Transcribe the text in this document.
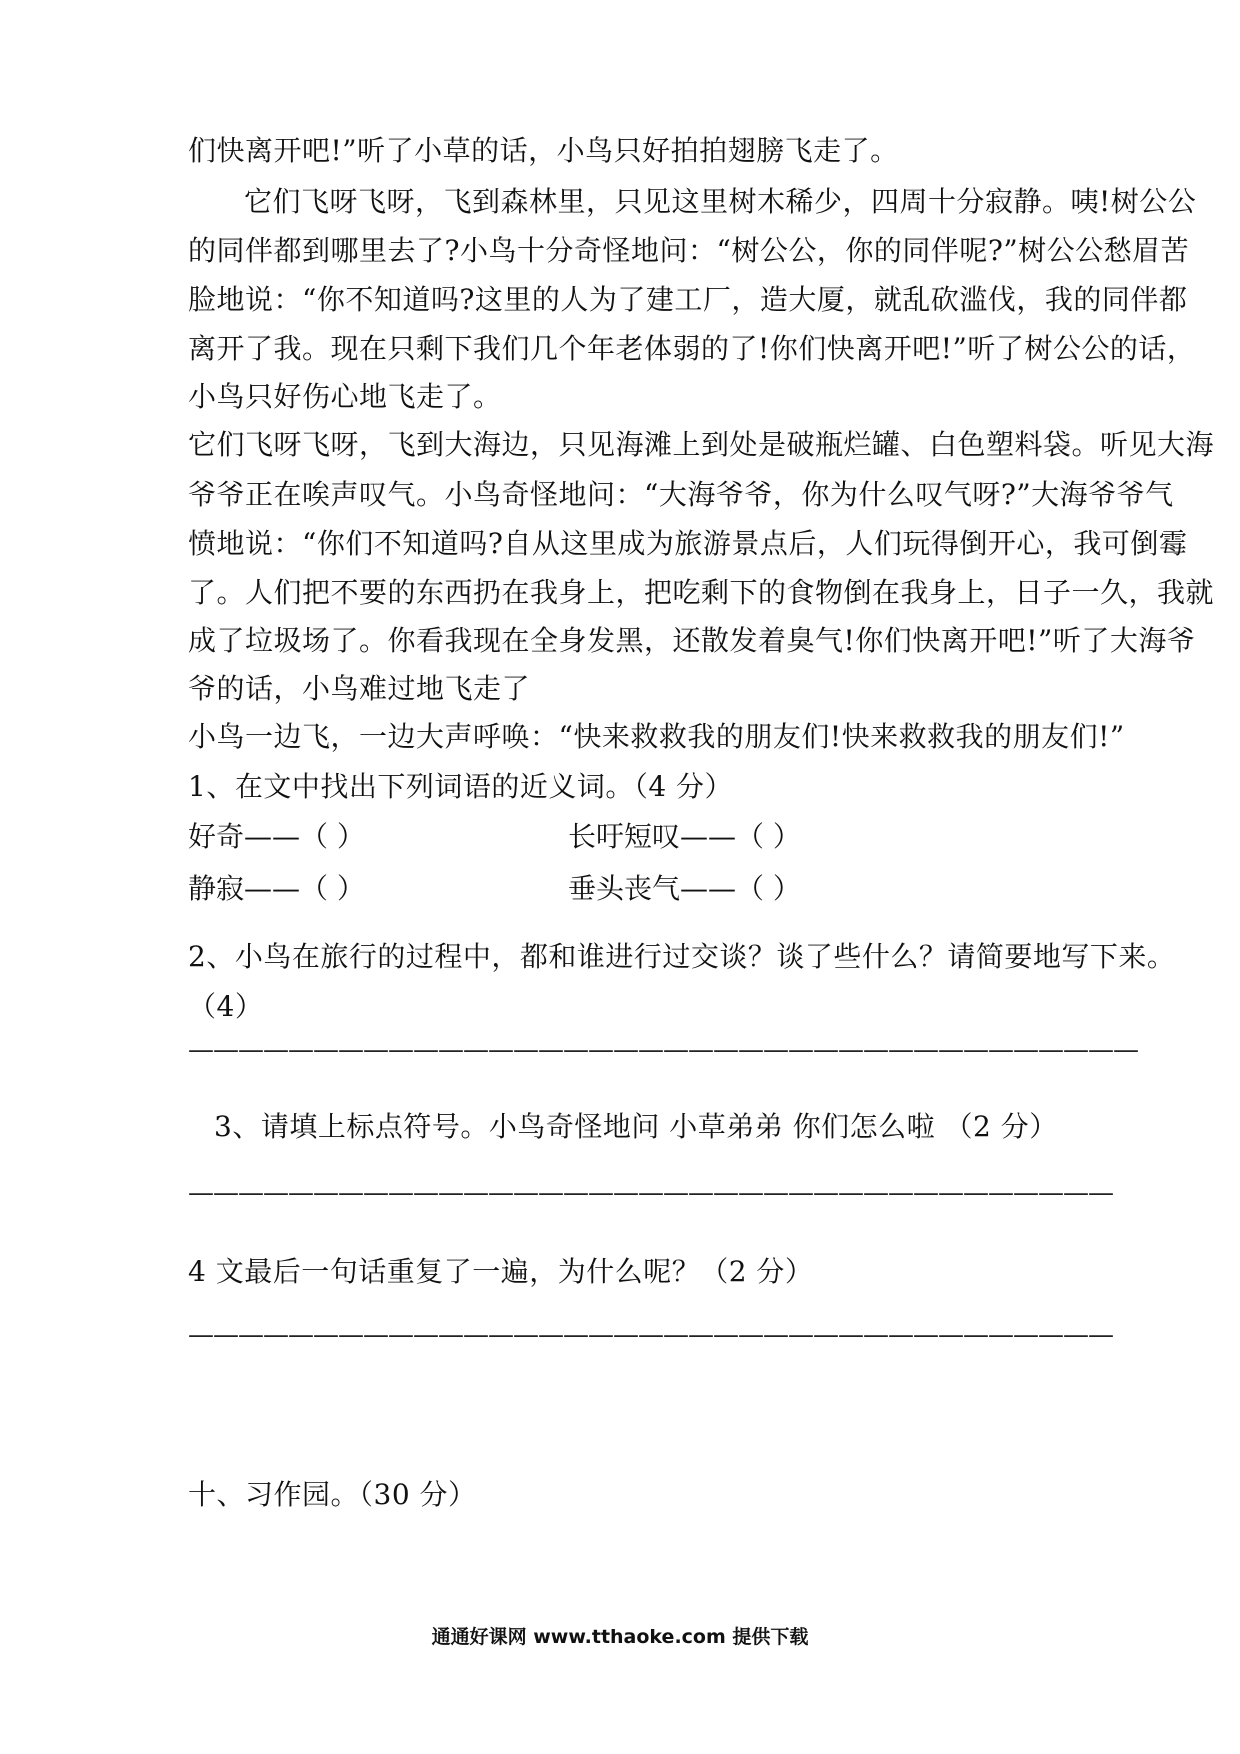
们快离开吧!”听了小草的话，小鸟只好拍拍翅膀飞走了。
它们飞呀飞呀，飞到森林里，只见这里树木稀少，四周十分寂静。咦!树公公
的同伴都到哪里去了?小鸟十分奇怪地问：“树公公，你的同伴呢?”树公公愁眉苦
脸地说：“你不知道吗?这里的人为了建工厂，造大厦，就乱砍滥伐，我的同伴都
离开了我。现在只剩下我们几个年老体弱的了!你们快离开吧!”听了树公公的话，
小鸟只好伤心地飞走了。
它们飞呀飞呀，飞到大海边，只见海滩上到处是破瓶烂罐、白色塑料袋。听见大海
爷爷正在唉声叹气。小鸟奇怪地问：“大海爷爷，你为什么叹气呀?”大海爷爷气
愤地说：“你们不知道吗?自从这里成为旅游景点后，人们玩得倒开心，我可倒霉
了。人们把不要的东西扔在我身上，把吃剩下的食物倒在我身上，日子一久，我就
成了垃圾场了。你看我现在全身发黑，还散发着臭气!你们快离开吧!”听了大海爷
爷的话，小鸟难过地飞走了
小鸟一边飞，一边大声呼唤：“快来救救我的朋友们!快来救救我的朋友们!”
1、在文中找出下列词语的近义词。（4 分）
好奇——（ ）	长吁短叹——（ ）
静寂——（ ）	垂头丧气——（ ）
2、小鸟在旅行的过程中，都和谁进行过交谈？谈了些什么？请简要地写下来。
（4）
——————————————————————————————————————
3、请填上标点符号。小鸟奇怪地问 小草弟弟 你们怎么啦 （2 分）
—————————————————————————————————————
4 文最后一句话重复了一遍，为什么呢？（2 分）
—————————————————————————————————————
十、习作园。（30 分）
通通好课网 www.tthaoke.com 提供下载
